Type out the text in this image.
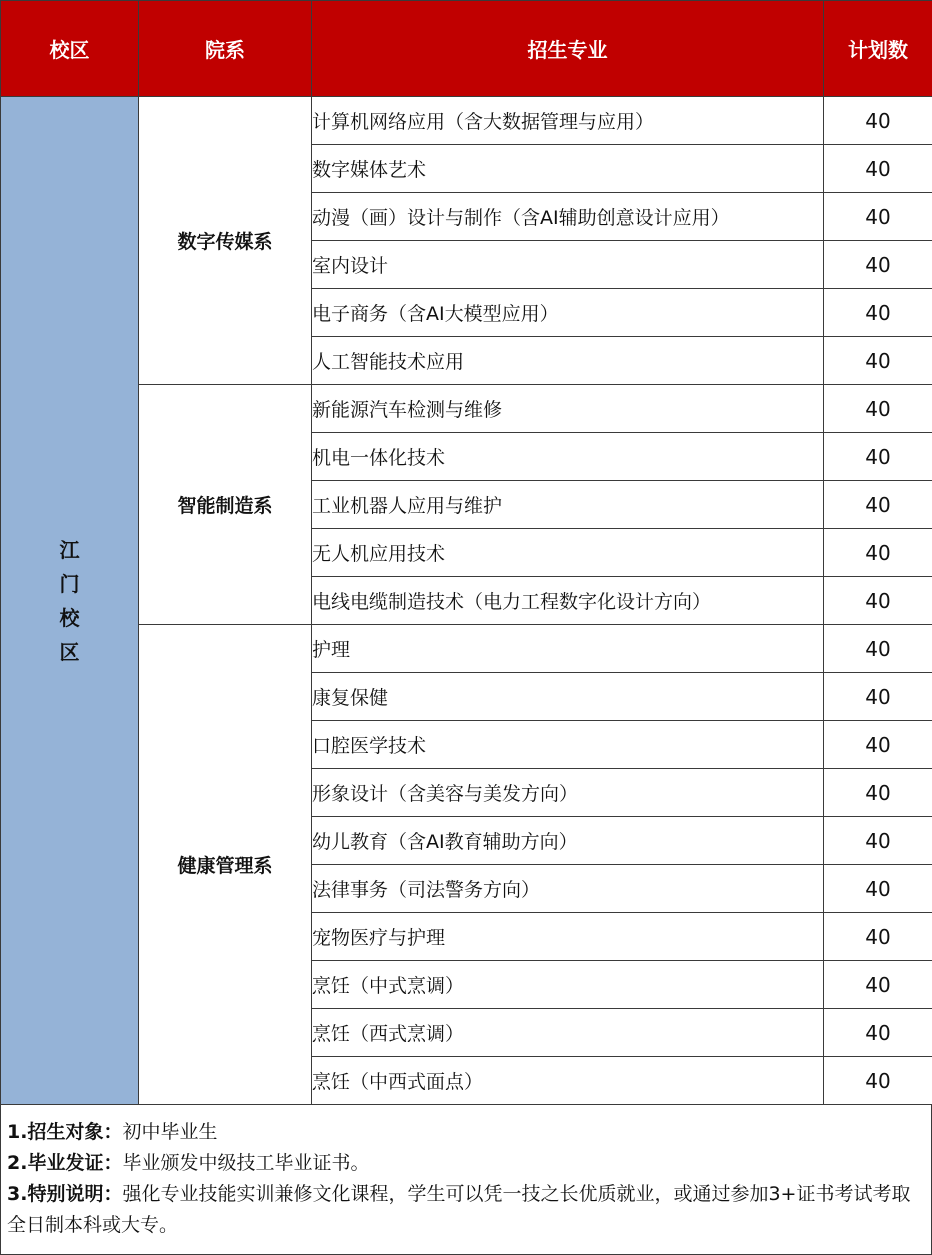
校区	院系	招生专业	计划数

江
门
校
区	数字传媒系	计算机网络应用（含大数据管理与应用）	40
		数字媒体艺术	40
		动漫（画）设计与制作（含AI辅助创意设计应用）	40
		室内设计	40
		电子商务（含AI大模型应用）	40
		人工智能技术应用	40
	智能制造系	新能源汽车检测与维修	40
		机电一体化技术	40
		工业机器人应用与维护	40
		无人机应用技术	40
		电线电缆制造技术（电力工程数字化设计方向）	40
	健康管理系	护理	40
		康复保健	40
		口腔医学技术	40
		形象设计（含美容与美发方向）	40
		幼儿教育（含AI教育辅助方向）	40
		法律事务（司法警务方向）	40
		宠物医疗与护理	40
		烹饪（中式烹调）	40
		烹饪（西式烹调）	40
		烹饪（中西式面点）	40

1.招生对象：初中毕业生

2.毕业发证：毕业颁发中级技工毕业证书。

3.特别说明：强化专业技能实训兼修文化课程，学生可以凭一技之长优质就业，或通过参加3+证书考试考取全日制本科或大专。
